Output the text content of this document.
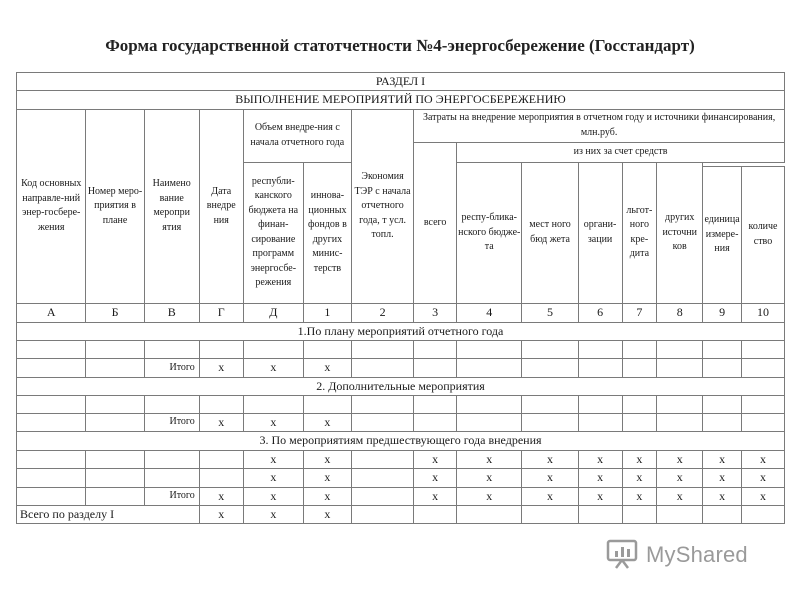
Форма государственной статотчетности №4-энергосбережение (Госстандарт)
РАЗДЕЛ I														
ВЫПОЛНЕНИЕ МЕРОПРИЯТИЙ ПО ЭНЕРГОСБЕРЕЖЕНИЮ														
Код основных направле-ний энер-госбере-жения	Номер меро-приятия в плане	Наимено вание меропри ятия	Дата внедре ния	Объем внедре-ния с начала отчетного года		Экономия ТЭР с начала отчетного года, т усл. топл.	Затраты на внедрение мероприятия в отчетном году и источники финансирования, млн.руб.							
							всего	из них за счет средств						
				республи-канского бюджета на финан-сирование программ энергосбе-режения	иннова-ционных фондов в других минис-терств			респу-блика-нского бюдже-та	мест ного бюд жета	органи-зации	льгот-ного кре-дита	других источни ков		
													единица измере-ния	количе ство
А	Б	В	Г	Д	1	2	3	4	5	6	7	8	9	10
1.По плану мероприятий отчетного года														

		Итого	x	x	x									
2. Дополнительные мероприятия														

		Итого	x	x	x									
3. По мероприятиям предшествующего года внедрения														
				x	x		x	x	x	x	x	x	x	x
				x	x		x	x	x	x	x	x	x	x
		Итого	x	x	x		x	x	x	x	x	x	x	x
Всего по разделу I			x	x	x									
MyShared
